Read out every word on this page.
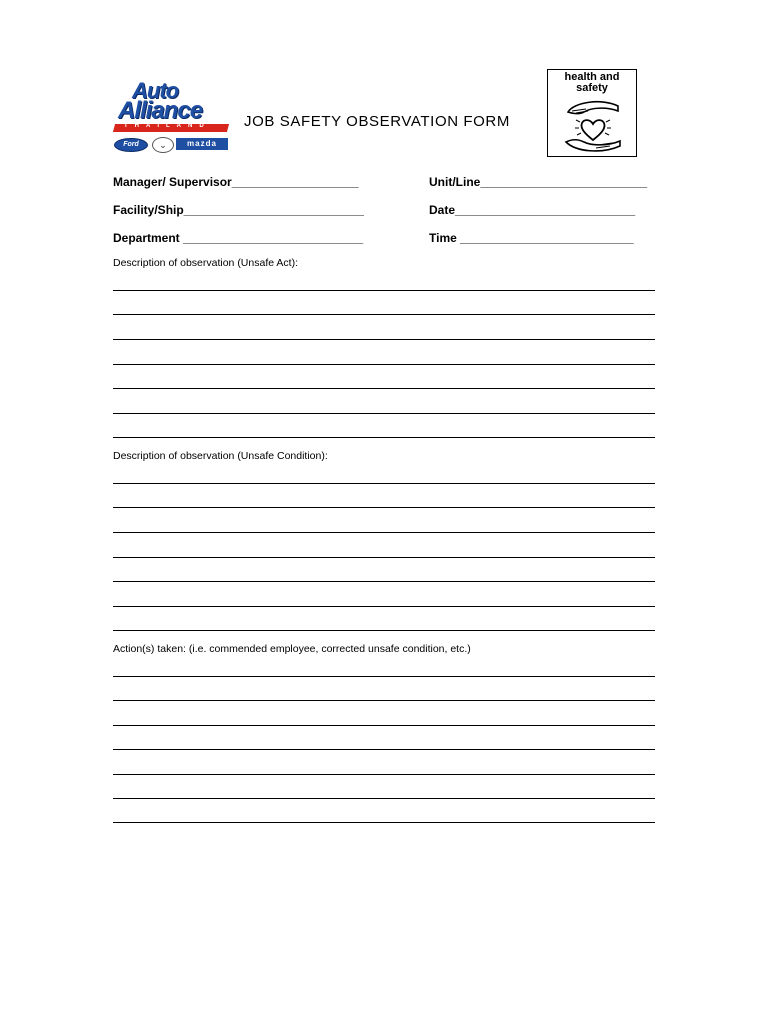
Auto
Alliance
THAILAND
Ford	⌄	mazda
JOB SAFETY OBSERVATION FORM
health and
safety
Manager/ Supervisor___________________	Unit/Line_________________________
Facility/Ship___________________________	Date___________________________
Department ___________________________	Time __________________________
Description of observation (Unsafe Act):
Description of observation (Unsafe Condition):
Action(s) taken: (i.e. commended employee, corrected unsafe condition, etc.)
